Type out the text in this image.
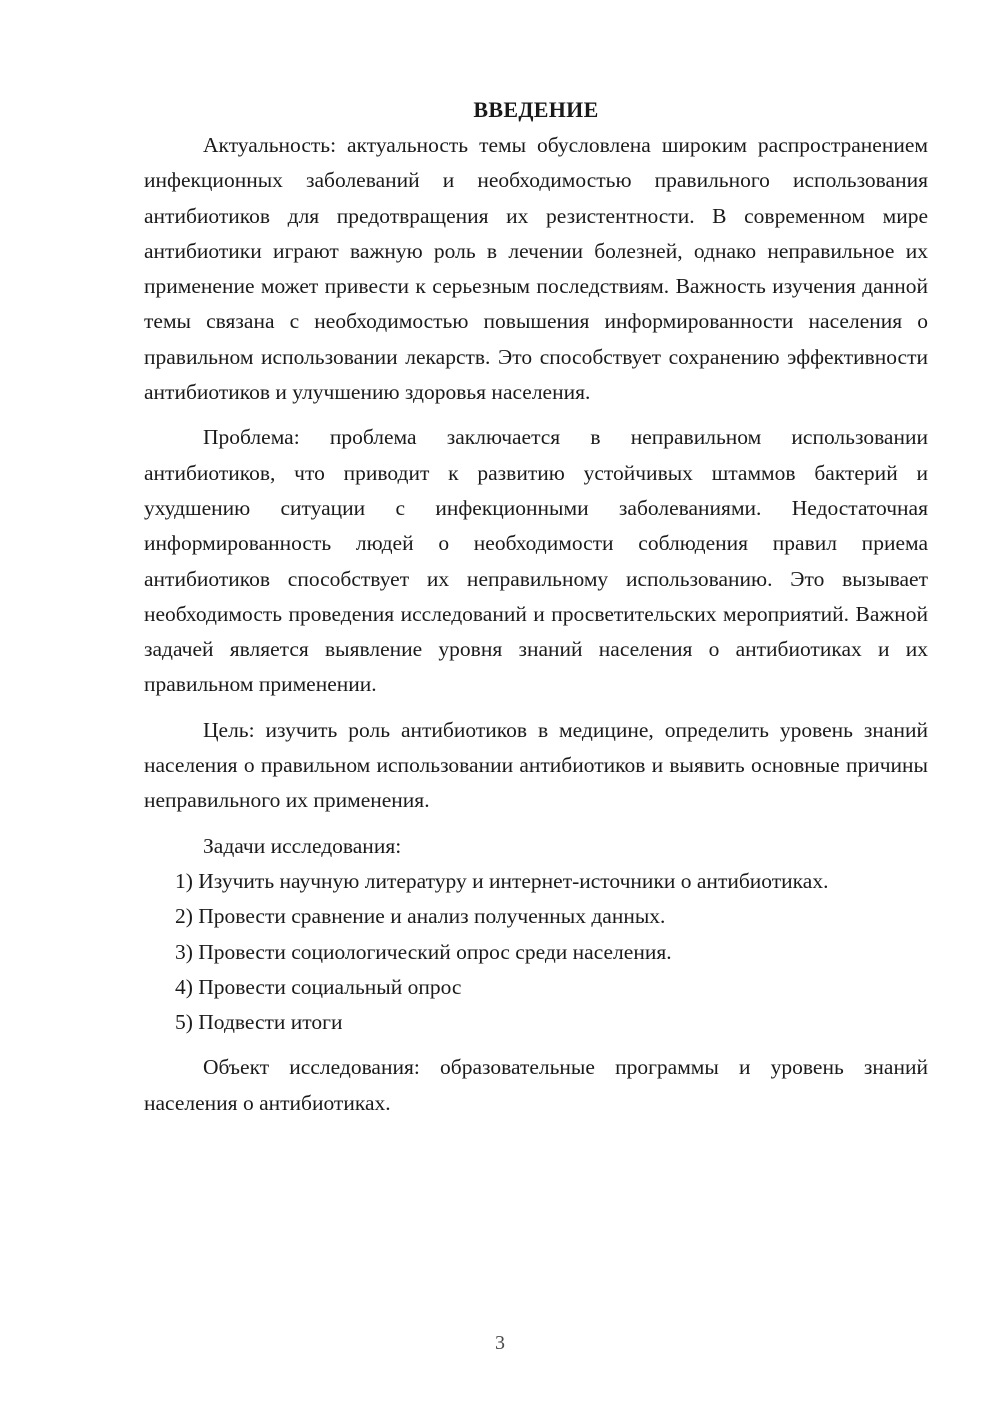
ВВЕДЕНИЕ

Актуальность: актуальность темы обусловлена широким распространением инфекционных заболеваний и необходимостью правильного использования антибиотиков для предотвращения их резистентности. В современном мире антибиотики играют важную роль в лечении болезней, однако неправильное их применение может привести к серьезным последствиям. Важность изучения данной темы связана с необходимостью повышения информированности населения о правильном использовании лекарств. Это способствует сохранению эффективности антибиотиков и улучшению здоровья населения.

Проблема: проблема заключается в неправильном использовании антибиотиков, что приводит к развитию устойчивых штаммов бактерий и ухудшению ситуации с инфекционными заболеваниями. Недостаточная информированность людей о необходимости соблюдения правил приема антибиотиков способствует их неправильному использованию. Это вызывает необходимость проведения исследований и просветительских мероприятий. Важной задачей является выявление уровня знаний населения о антибиотиках и их правильном применении.

Цель: изучить роль антибиотиков в медицине, определить уровень знаний населения о правильном использовании антибиотиков и выявить основные причины неправильного их применения.

Задачи исследования:

1) Изучить научную литературу и интернет-источники о антибиотиках.

2) Провести сравнение и анализ полученных данных.

3) Провести социологический опрос среди населения.

4) Провести социальный опрос

5) Подвести итоги

Объект исследования: образовательные программы и уровень знаний населения о антибиотиках.

3
